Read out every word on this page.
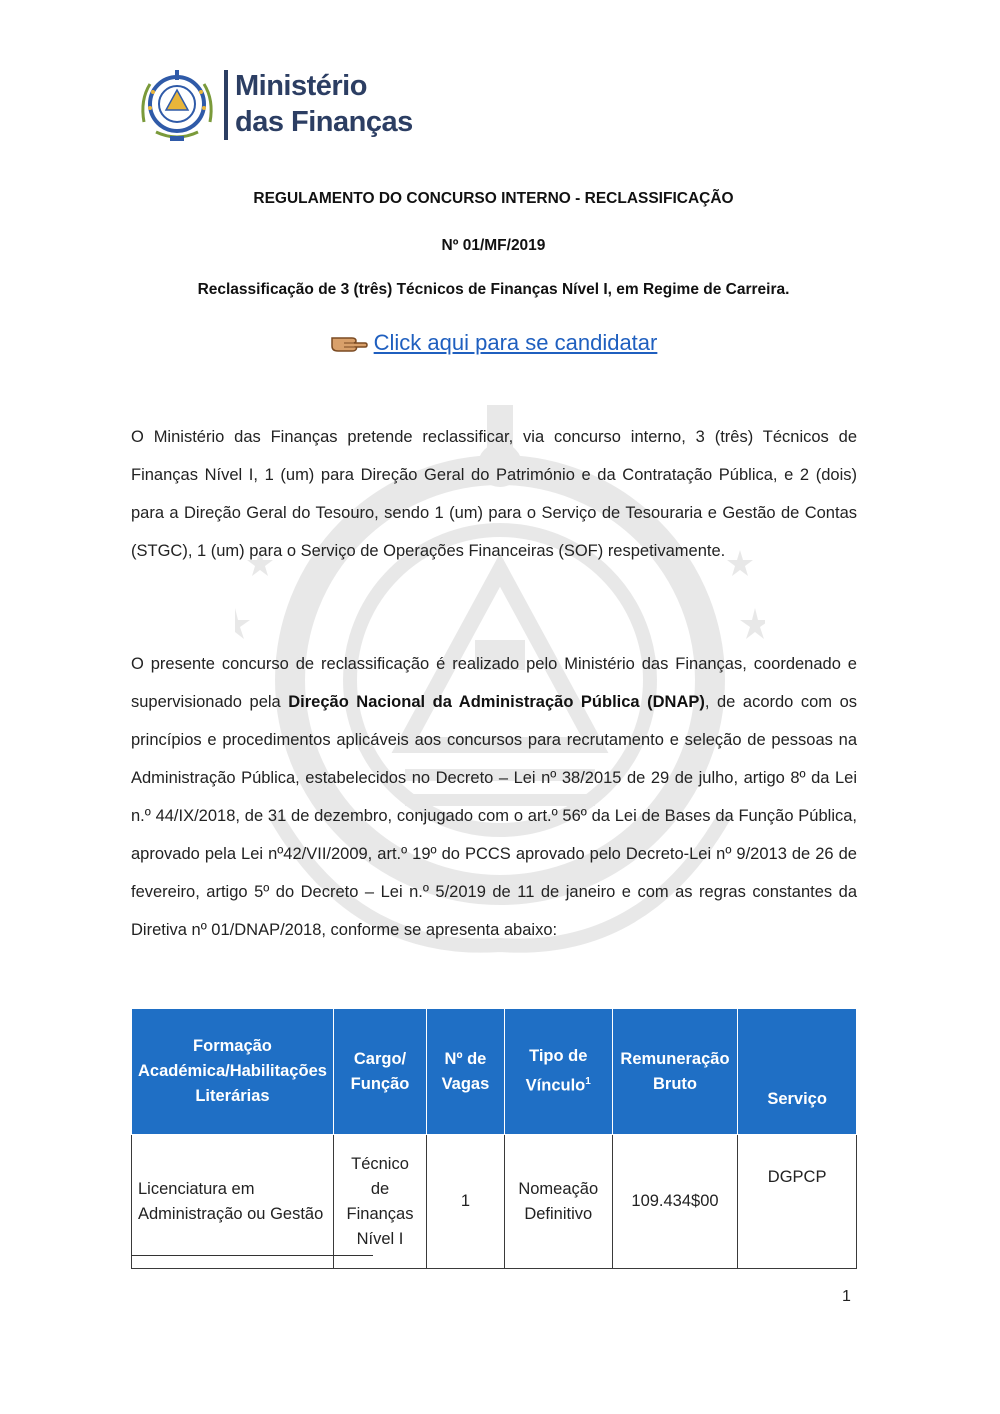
Ministério
das Finanças
REGULAMENTO DO CONCURSO INTERNO - RECLASSIFICAÇÃO
Nº 01/MF/2019
Reclassificação de 3 (três) Técnicos de Finanças Nível I, em Regime de Carreira.
Click aqui para se candidatar
O Ministério das Finanças pretende reclassificar, via concurso interno, 3 (três) Técnicos de Finanças Nível I, 1 (um) para Direção Geral do Património e da Contratação Pública, e 2 (dois) para a Direção Geral do Tesouro, sendo 1 (um) para o Serviço de Tesouraria e Gestão de Contas (STGC), 1 (um) para o Serviço de Operações Financeiras (SOF) respetivamente.
O presente concurso de reclassificação é realizado pelo Ministério das Finanças, coordenado e supervisionado pela Direção Nacional da Administração Pública (DNAP), de acordo com os princípios e procedimentos aplicáveis aos concursos para recrutamento e seleção de pessoas na Administração Pública, estabelecidos no Decreto – Lei nº 38/2015 de 29 de julho, artigo 8º da Lei n.º 44/IX/2018, de 31 de dezembro, conjugado com o art.º 56º da Lei de Bases da Função Pública, aprovado pela Lei nº42/VII/2009, art.º 19º do PCCS aprovado pelo Decreto-Lei nº 9/2013 de 26 de fevereiro, artigo 5º do Decreto – Lei n.º 5/2019 de 11 de janeiro e com as regras constantes da Diretiva nº 01/DNAP/2018, conforme se apresenta abaixo:
Formação Académica/Habilitações Literárias	Cargo/ Função	Nº de Vagas	Tipo de Vínculo$^1$	Remuneração Bruto	Serviço
Licenciatura em Administração ou Gestão	Técnico de Finanças Nível I	1	Nomeação Definitivo	109.434$00	DGPCP
1
